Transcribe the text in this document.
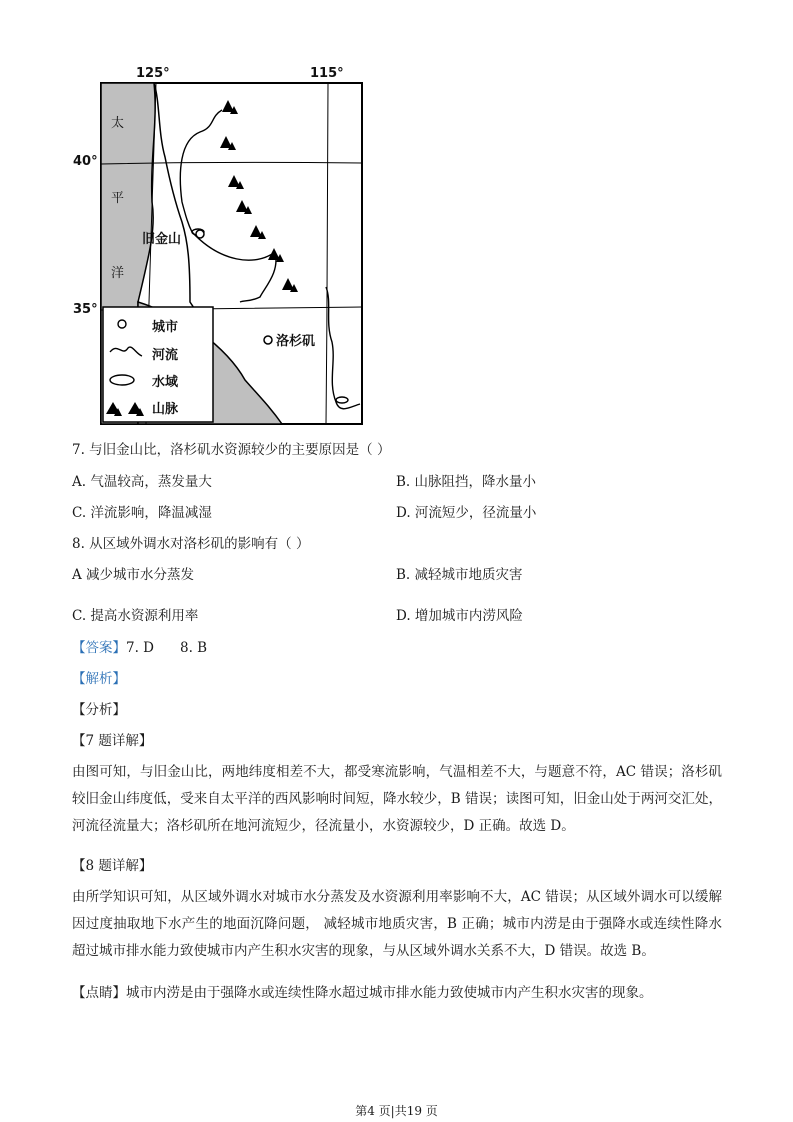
125°	115°
40°
35°
太
平
洋
旧金山
洛杉矶
城市
河流
水域
山脉
7. 与旧金山比，洛杉矶水资源较少的主要原因是（ ）
A. 气温较高，蒸发量大	B. 山脉阻挡，降水量小
C. 洋流影响，降温减湿	D. 河流短少，径流量小
8. 从区域外调水对洛杉矶的影响有（ ）
A 减少城市水分蒸发	B. 减轻城市地质灾害
C. 提高水资源利用率	D. 增加城市内涝风险
【答案】7. D 8. B
【解析】
【分析】
【7 题详解】
由图可知，与旧金山比，两地纬度相差不大，都受寒流影响，气温相差不大，与题意不符，AC 错误；洛杉矶较旧金山纬度低，受来自太平洋的西风影响时间短，降水较少，B 错误；读图可知，旧金山处于两河交汇处，河流径流量大；洛杉矶所在地河流短少，径流量小，水资源较少，D 正确。故选 D。
【8 题详解】
由所学知识可知，从区域外调水对城市水分蒸发及水资源利用率影响不大，AC 错误；从区域外调水可以缓解因过度抽取地下水产生的地面沉降问题， 减轻城市地质灾害，B 正确；城市内涝是由于强降水或连续性降水超过城市排水能力致使城市内产生积水灾害的现象，与从区域外调水关系不大，D 错误。故选 B。
【点睛】城市内涝是由于强降水或连续性降水超过城市排水能力致使城市内产生积水灾害的现象。
第4 页|共19 页
